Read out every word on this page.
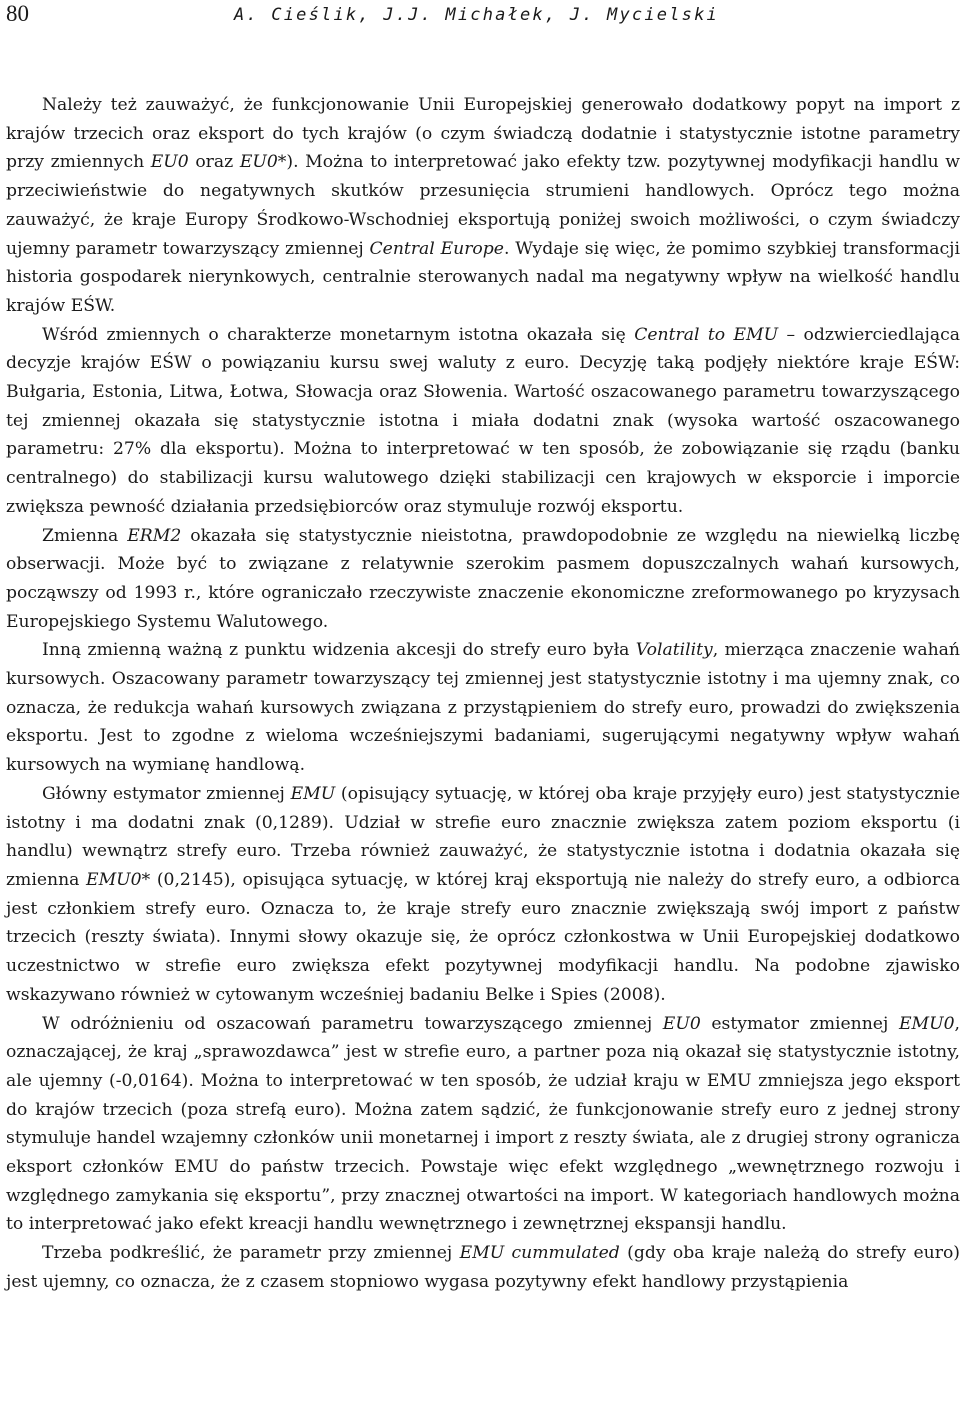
80	A. Cieślik, J.J. Michałek, J. Mycielski

Należy też zauważyć, że funkcjonowanie Unii Europejskiej generowało dodatkowy popyt na import z krajów trzecich oraz eksport do tych krajów (o czym świadczą dodatnie i statystycznie istotne parametry przy zmiennych EU0 oraz EU0*). Można to interpretować jako efekty tzw. pozytywnej modyfikacji handlu w przeciwieństwie do negatywnych skutków przesunięcia strumieni handlowych. Oprócz tego można zauważyć, że kraje Europy Środkowo-Wschodniej eksportują poniżej swoich możliwości, o czym świadczy ujemny parametr towarzyszący zmiennej Central Europe. Wydaje się więc, że pomimo szybkiej transformacji historia gospodarek nierynkowych, centralnie sterowanych nadal ma negatywny wpływ na wielkość handlu krajów EŚW.

Wśród zmiennych o charakterze monetarnym istotna okazała się Central to EMU – odzwierciedlająca decyzje krajów EŚW o powiązaniu kursu swej waluty z euro. Decyzję taką podjęły niektóre kraje EŚW: Bułgaria, Estonia, Litwa, Łotwa, Słowacja oraz Słowenia. Wartość oszacowanego parametru towarzyszącego tej zmiennej okazała się statystycznie istotna i miała dodatni znak (wysoka wartość oszacowanego parametru: 27% dla eksportu). Można to interpretować w ten sposób, że zobowiązanie się rządu (banku centralnego) do stabilizacji kursu walutowego dzięki stabilizacji cen krajowych w eksporcie i imporcie zwiększa pewność działania przedsiębiorców oraz stymuluje rozwój eksportu.

Zmienna ERM2 okazała się statystycznie nieistotna, prawdopodobnie ze względu na niewielką liczbę obserwacji. Może być to związane z relatywnie szerokim pasmem dopuszczalnych wahań kursowych, począwszy od 1993 r., które ograniczało rzeczywiste znaczenie ekonomiczne zreformowanego po kryzysach Europejskiego Systemu Walutowego.

Inną zmienną ważną z punktu widzenia akcesji do strefy euro była Volatility, mierząca znaczenie wahań kursowych. Oszacowany parametr towarzyszący tej zmiennej jest statystycznie istotny i ma ujemny znak, co oznacza, że redukcja wahań kursowych związana z przystąpieniem do strefy euro, prowadzi do zwiększenia eksportu. Jest to zgodne z wieloma wcześniejszymi badaniami, sugerującymi negatywny wpływ wahań kursowych na wymianę handlową.

Główny estymator zmiennej EMU (opisujący sytuację, w której oba kraje przyjęły euro) jest statystycznie istotny i ma dodatni znak (0,1289). Udział w strefie euro znacznie zwiększa zatem poziom eksportu (i handlu) wewnątrz strefy euro. Trzeba również zauważyć, że statystycznie istotna i dodatnia okazała się zmienna EMU0* (0,2145), opisująca sytuację, w której kraj eksportują nie należy do strefy euro, a odbiorca jest członkiem strefy euro. Oznacza to, że kraje strefy euro znacznie zwiększają swój import z państw trzecich (reszty świata). Innymi słowy okazuje się, że oprócz członkostwa w Unii Europejskiej dodatkowo uczestnictwo w strefie euro zwiększa efekt pozytywnej modyfikacji handlu. Na podobne zjawisko wskazywano również w cytowanym wcześniej badaniu Belke i Spies (2008).

W odróżnieniu od oszacowań parametru towarzyszącego zmiennej EU0 estymator zmiennej EMU0, oznaczającej, że kraj „sprawozdawca” jest w strefie euro, a partner poza nią okazał się statystycznie istotny, ale ujemny (-0,0164). Można to interpretować w ten sposób, że udział kraju w EMU zmniejsza jego eksport do krajów trzecich (poza strefą euro). Można zatem sądzić, że funkcjonowanie strefy euro z jednej strony stymuluje handel wzajemny członków unii monetarnej i import z reszty świata, ale z drugiej strony ogranicza eksport członków EMU do państw trzecich. Powstaje więc efekt względnego „wewnętrznego rozwoju i względnego zamykania się eksportu”, przy znacznej otwartości na import. W kategoriach handlowych można to interpretować jako efekt kreacji handlu wewnętrznego i zewnętrznej ekspansji handlu.

Trzeba podkreślić, że parametr przy zmiennej EMU cummulated (gdy oba kraje należą do strefy euro) jest ujemny, co oznacza, że z czasem stopniowo wygasa pozytywny efekt handlowy przystąpienia
